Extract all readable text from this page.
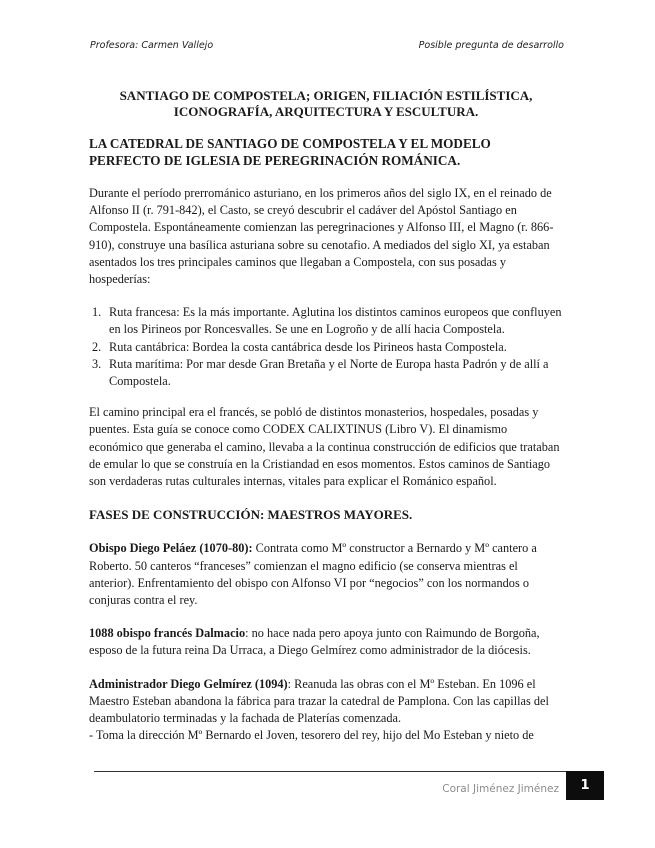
Profesora: Carmen Vallejo	Posible pregunta de desarrollo
SANTIAGO DE COMPOSTELA; ORIGEN, FILIACIÓN ESTILÍSTICA, ICONOGRAFÍA, ARQUITECTURA Y ESCULTURA.
LA CATEDRAL DE SANTIAGO DE COMPOSTELA Y EL MODELO PERFECTO DE IGLESIA DE PEREGRINACIÓN ROMÁNICA.

Durante el período prerrománico asturiano, en los primeros años del siglo IX, en el reinado de Alfonso II (r. 791-842), el Casto, se creyó descubrir el cadáver del Apóstol Santiago en Compostela. Espontáneamente comienzan las peregrinaciones y Alfonso III, el Magno (r. 866-910), construye una basílica asturiana sobre su cenotafio. A mediados del siglo XI, ya estaban asentados los tres principales caminos que llegaban a Compostela, con sus posadas y hospederías:

1. Ruta francesa: Es la más importante. Aglutina los distintos caminos europeos que confluyen en los Pirineos por Roncesvalles. Se une en Logroño y de allí hacia Compostela.
2. Ruta cantábrica: Bordea la costa cantábrica desde los Pirineos hasta Compostela.
3. Ruta marítima: Por mar desde Gran Bretaña y el Norte de Europa hasta Padrón y de allí a Compostela.

El camino principal era el francés, se pobló de distintos monasterios, hospedales, posadas y puentes. Esta guía se conoce como CODEX CALIXTINUS (Libro V). El dinamismo económico que generaba el camino, llevaba a la continua construcción de edificios que trataban de emular lo que se construía en la Cristiandad en esos momentos. Estos caminos de Santiago son verdaderas rutas culturales internas, vitales para explicar el Románico español.

FASES DE CONSTRUCCIÓN: MAESTROS MAYORES.

Obispo Diego Peláez (1070-80): Contrata como Mº constructor a Bernardo y Mº cantero a Roberto. 50 canteros “franceses” comienzan el magno edificio (se conserva mientras el anterior). Enfrentamiento del obispo con Alfonso VI por “negocios” con los normandos o conjuras contra el rey.

1088 obispo francés Dalmacio: no hace nada pero apoya junto con Raimundo de Borgoña, esposo de la futura reina Da Urraca, a Diego Gelmírez como administrador de la diócesis.

Administrador Diego Gelmírez (1094): Reanuda las obras con el Mº Esteban. En 1096 el Maestro Esteban abandona la fábrica para trazar la catedral de Pamplona. Con las capillas del deambulatorio terminadas y la fachada de Platerías comenzada.

- Toma la dirección Mº Bernardo el Joven, tesorero del rey, hijo del Mo Esteban y nieto de

Coral Jiménez Jiménez	1
